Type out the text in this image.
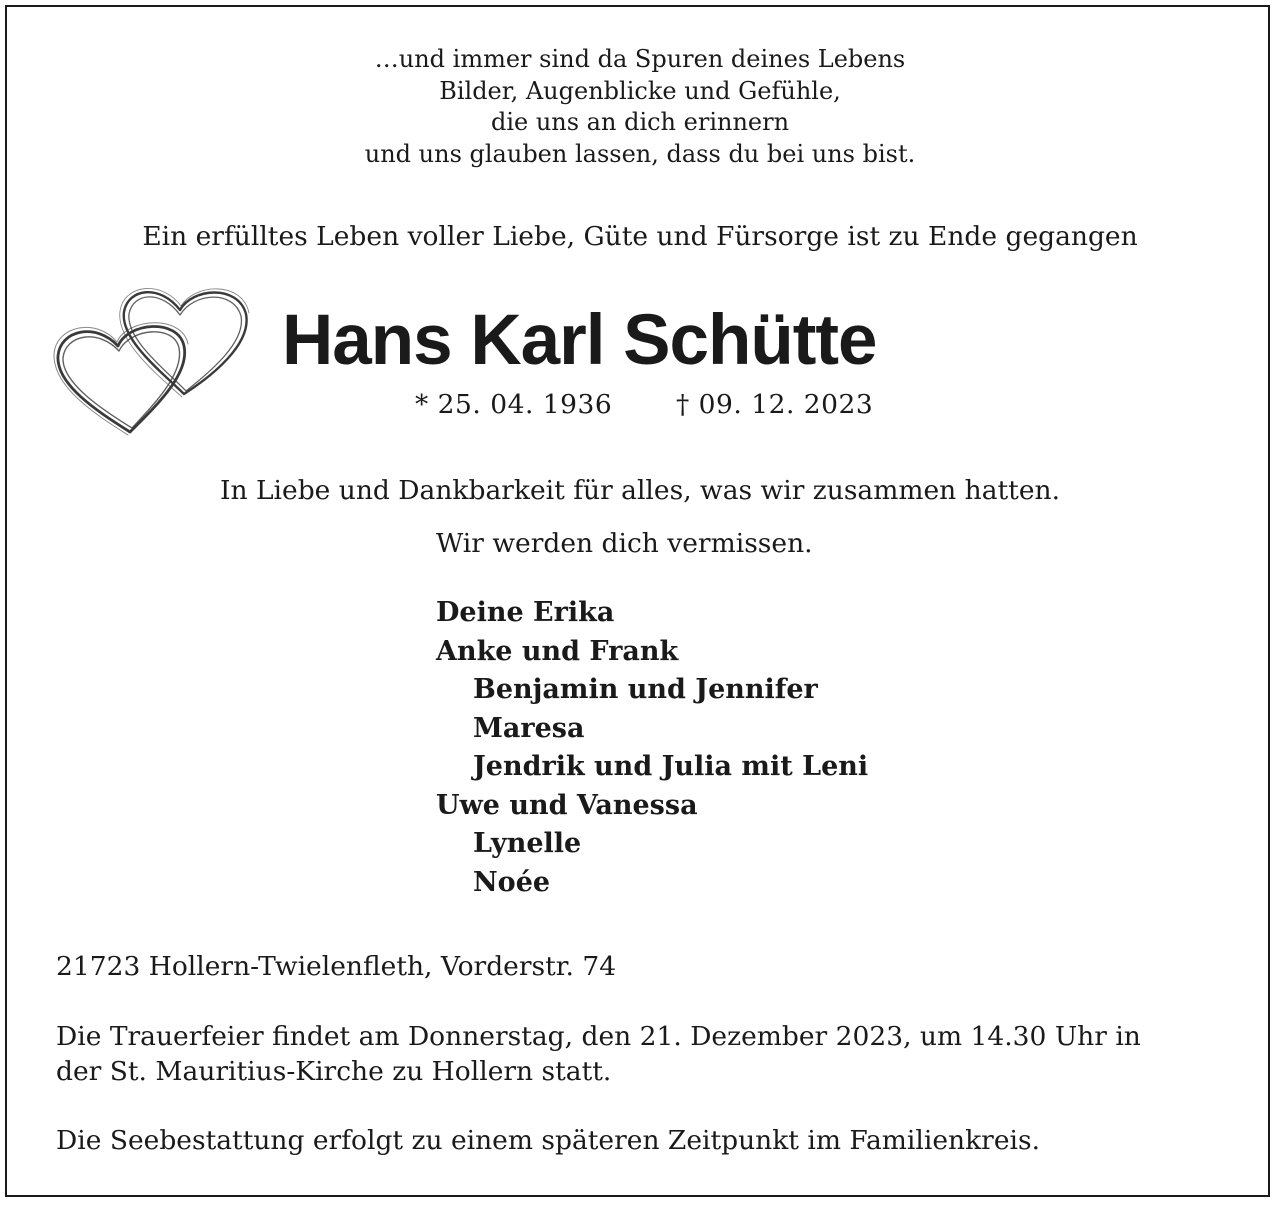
…und immer sind da Spuren deines Lebens
Bilder, Augenblicke und Gefühle,
die uns an dich erinnern
und uns glauben lassen, dass du bei uns bist.
Ein erfülltes Leben voller Liebe, Güte und Fürsorge ist zu Ende gegangen
Hans Karl Schütte
* 25. 04. 1936 † 09. 12. 2023
In Liebe und Dankbarkeit für alles, was wir zusammen hatten.
Wir werden dich vermissen.
Deine Erika
Anke und Frank
Benjamin und Jennifer
Maresa
Jendrik und Julia mit Leni
Uwe und Vanessa
Lynelle
Noée
21723 Hollern-Twielenfleth, Vorderstr. 74
Die Trauerfeier findet am Donnerstag, den 21. Dezember 2023, um 14.30 Uhr in
der St. Mauritius-Kirche zu Hollern statt.
Die Seebestattung erfolgt zu einem späteren Zeitpunkt im Familienkreis.
